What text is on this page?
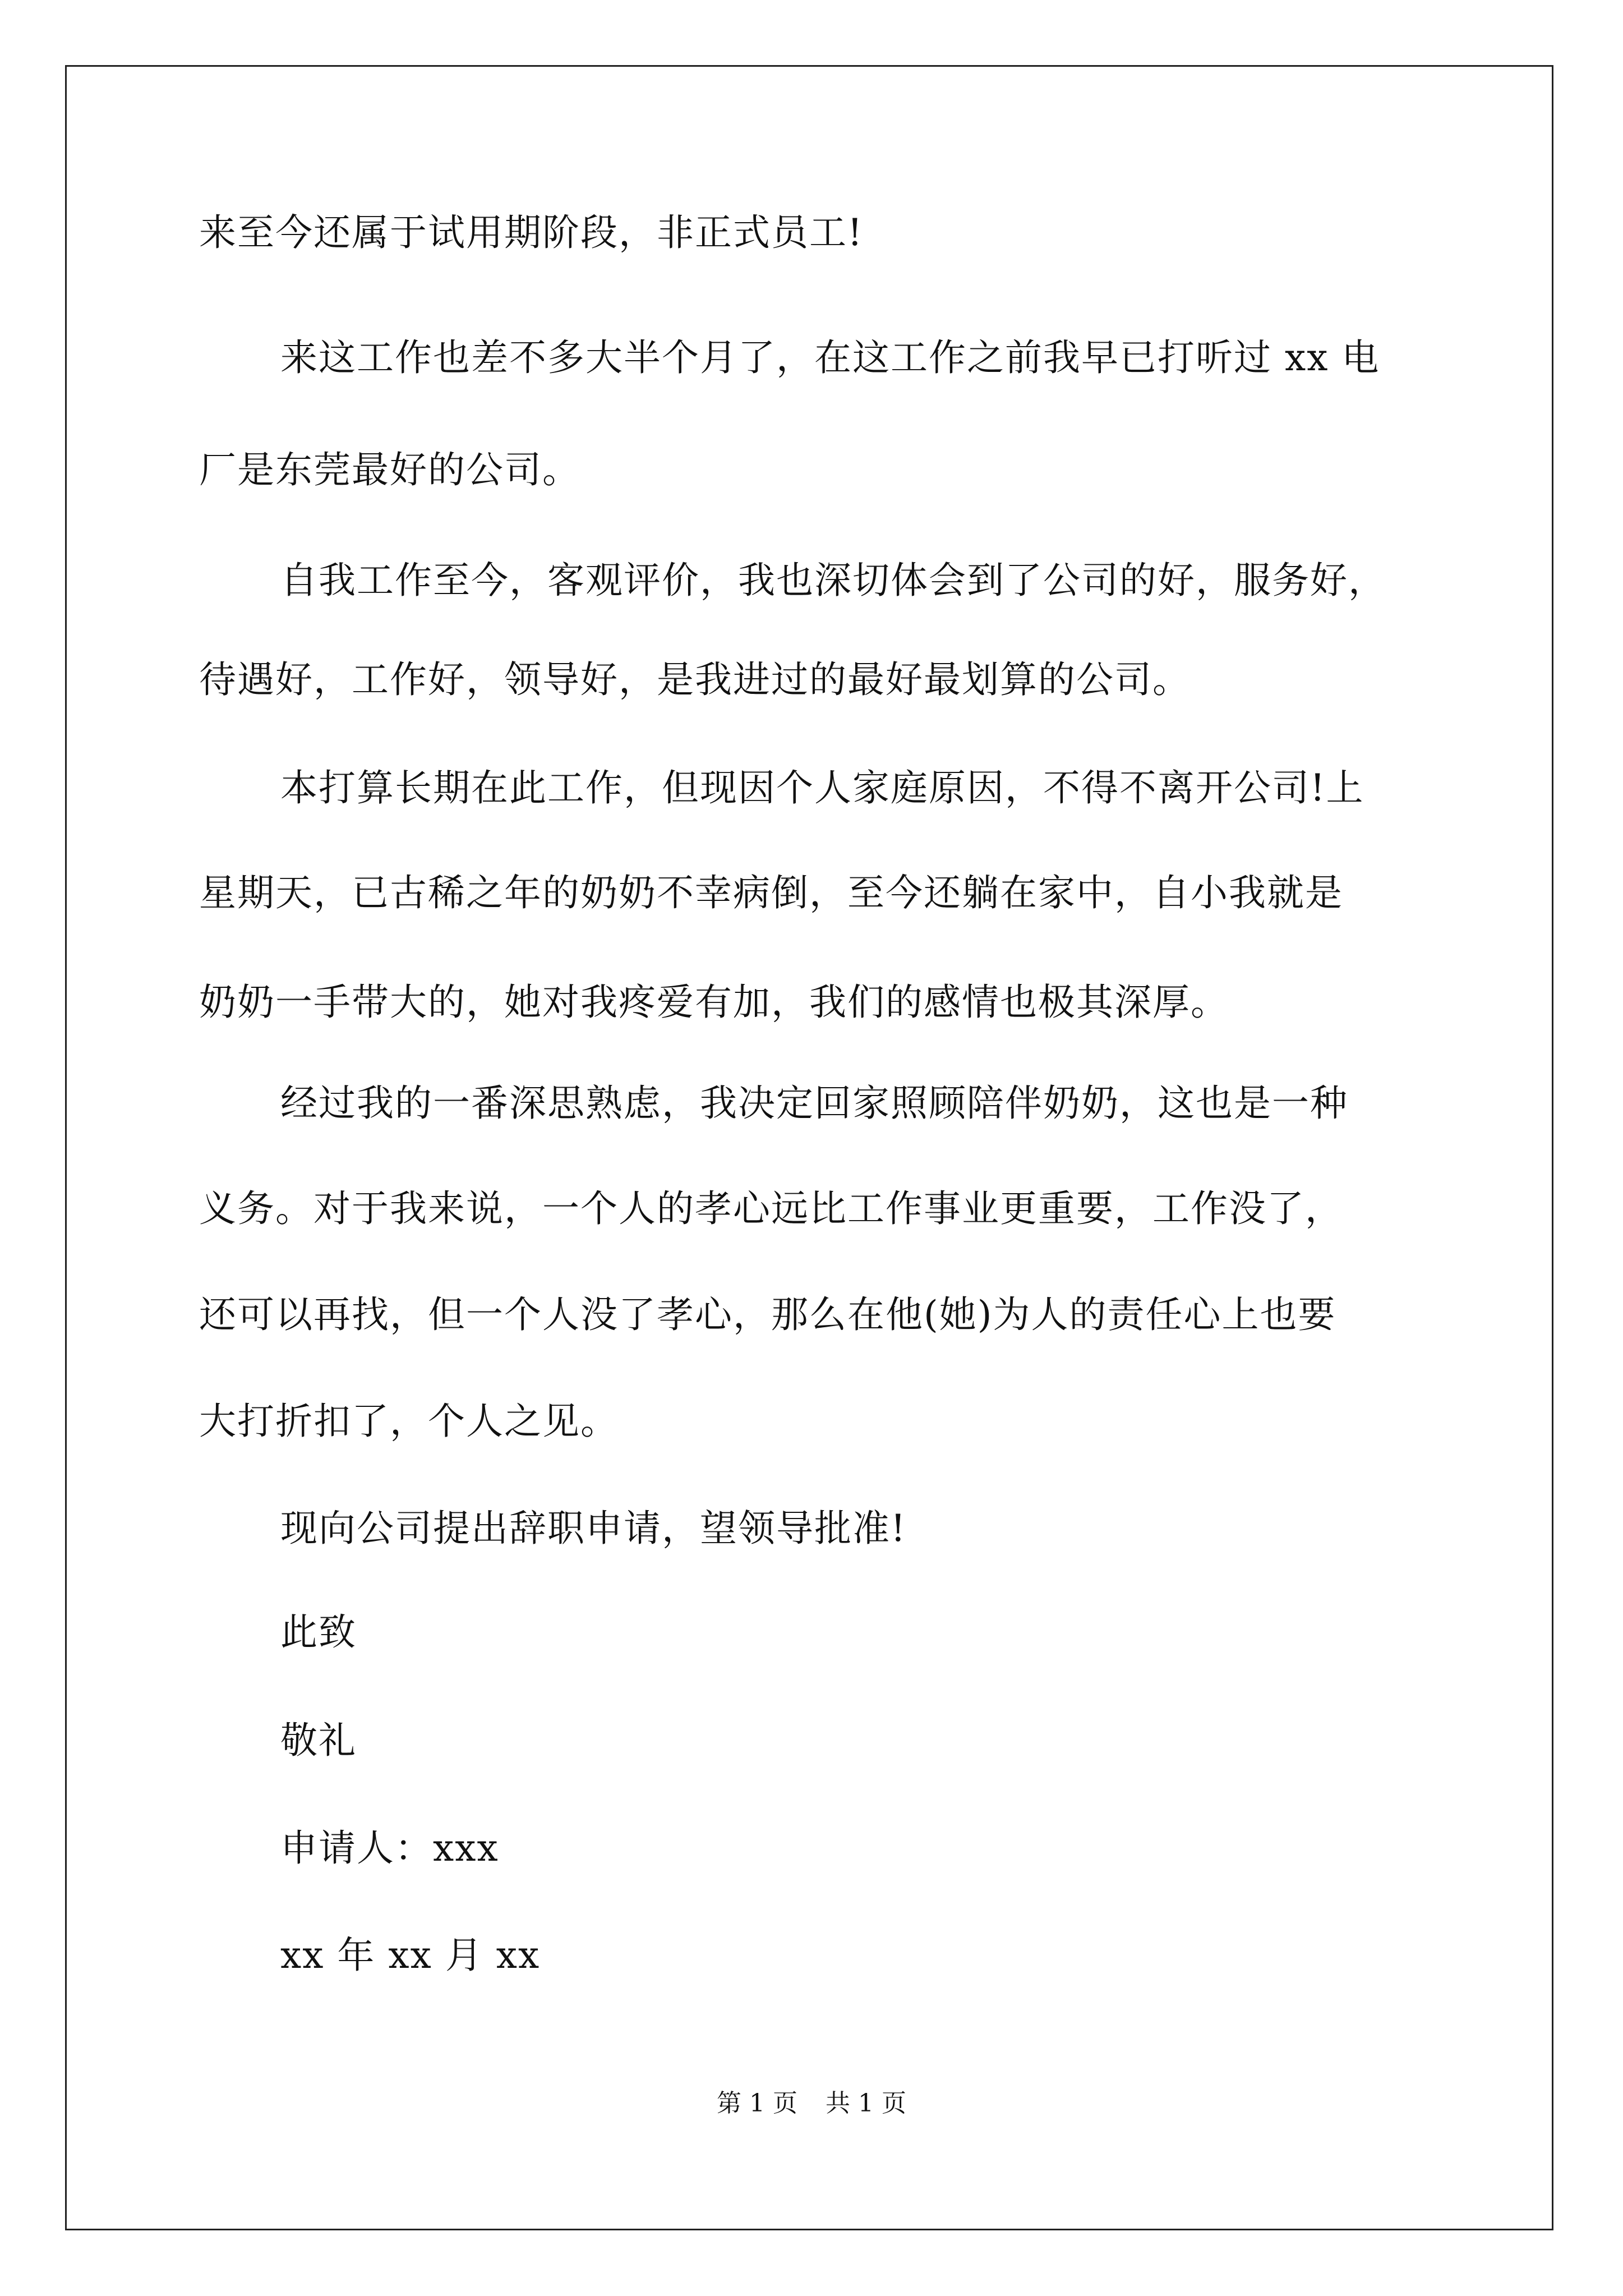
来至今还属于试用期阶段，非正式员工!
来这工作也差不多大半个月了，在这工作之前我早已打听过 xx 电
厂是东莞最好的公司。
自我工作至今，客观评价，我也深切体会到了公司的好，服务好，
待遇好，工作好，领导好，是我进过的最好最划算的公司。
本打算长期在此工作，但现因个人家庭原因，不得不离开公司!上
星期天，已古稀之年的奶奶不幸病倒，至今还躺在家中，自小我就是
奶奶一手带大的，她对我疼爱有加，我们的感情也极其深厚。
经过我的一番深思熟虑，我决定回家照顾陪伴奶奶，这也是一种
义务。对于我来说，一个人的孝心远比工作事业更重要，工作没了，
还可以再找，但一个人没了孝心，那么在他(她)为人的责任心上也要
大打折扣了，个人之见。
现向公司提出辞职申请，望领导批准!
此致
敬礼
申请人：xxx
xx 年 xx 月 xx
第 1 页 共 1 页
